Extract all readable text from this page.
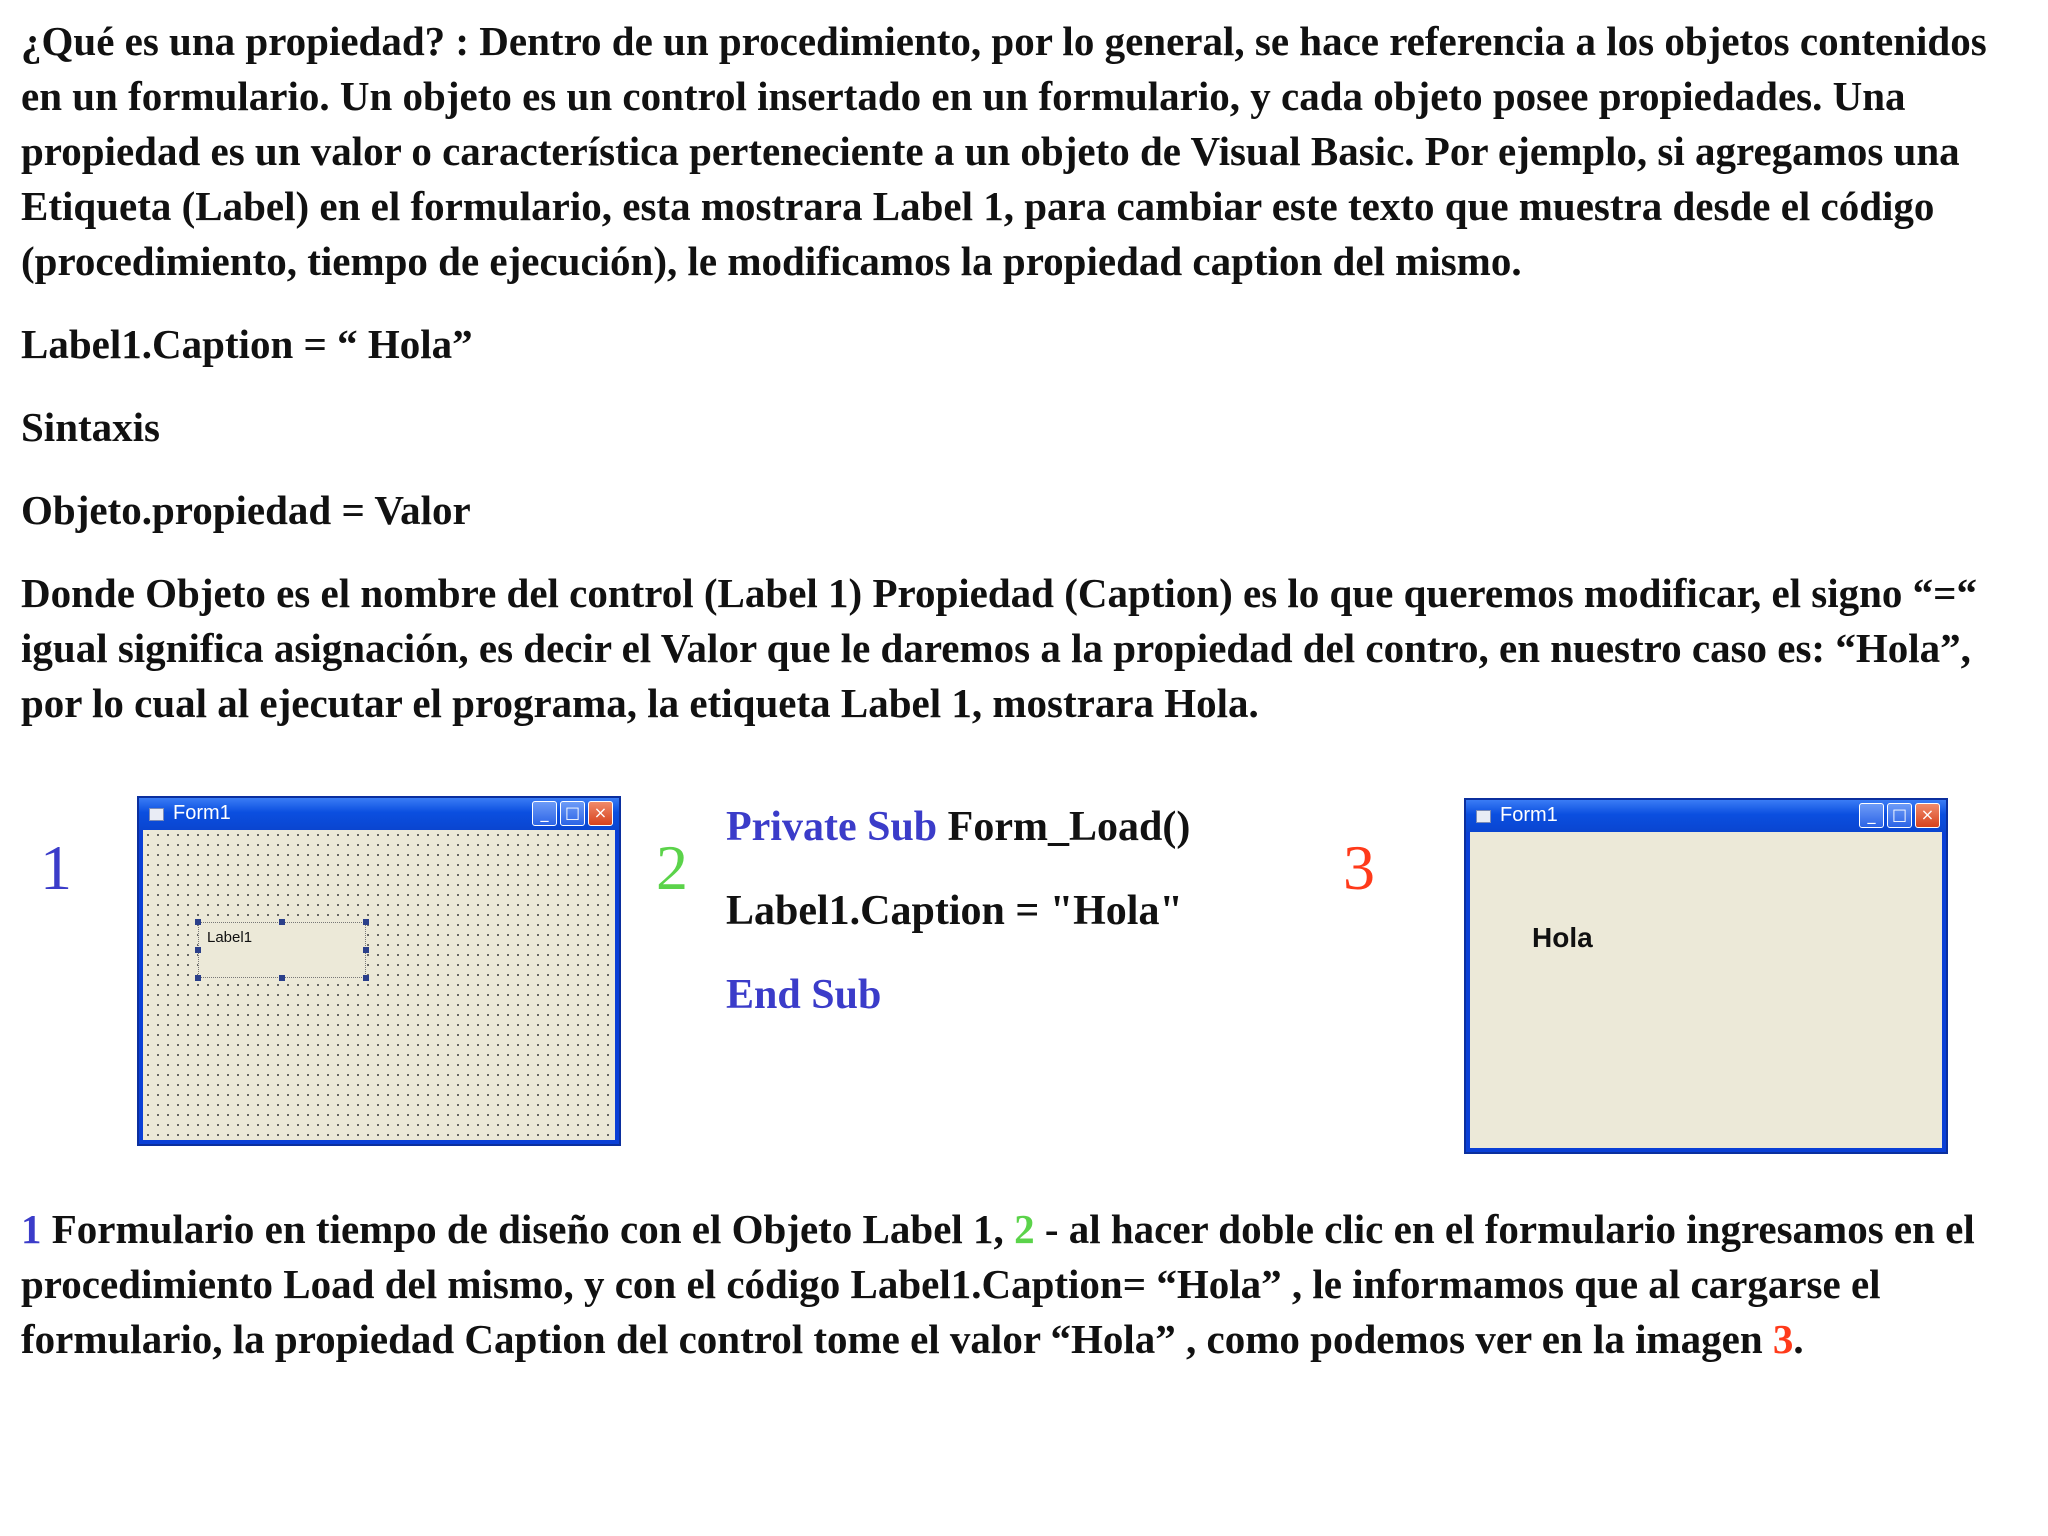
¿Qué es una propiedad? : Dentro de un procedimiento, por lo general, se hace referencia a los objetos contenidos en un formulario. Un objeto es un control insertado en un formulario, y cada objeto posee propiedades. Una propiedad es un valor o característica perteneciente a un objeto de Visual Basic. Por ejemplo, si agregamos una Etiqueta (Label) en el formulario, esta mostrara Label 1, para cambiar este texto que muestra desde el código (procedimiento, tiempo de ejecución), le modificamos la propiedad caption del mismo.

Label1.Caption = “ Hola”

Sintaxis

Objeto.propiedad = Valor

Donde Objeto es el nombre del control (Label 1) Propiedad (Caption) es lo que queremos modificar, el signo “=“ igual significa asignación, es decir el Valor que le daremos a la propiedad del contro, en nuestro caso es: “Hola”, por lo cual al ejecutar el programa, la etiqueta Label 1, mostrara Hola.

1
Form1	_	□ ×
Label1
2
Private Sub Form_Load()
Label1.Caption = "Hola"
End Sub
3
Form1	_	□ ×
Hola

1 Formulario en tiempo de diseño con el Objeto Label 1, 2 - al hacer doble clic en el formulario ingresamos en el procedimiento Load del mismo, y con el código Label1.Caption= “Hola” , le informamos que al cargarse el formulario, la propiedad Caption del control tome el valor “Hola” , como podemos ver en la imagen 3.
